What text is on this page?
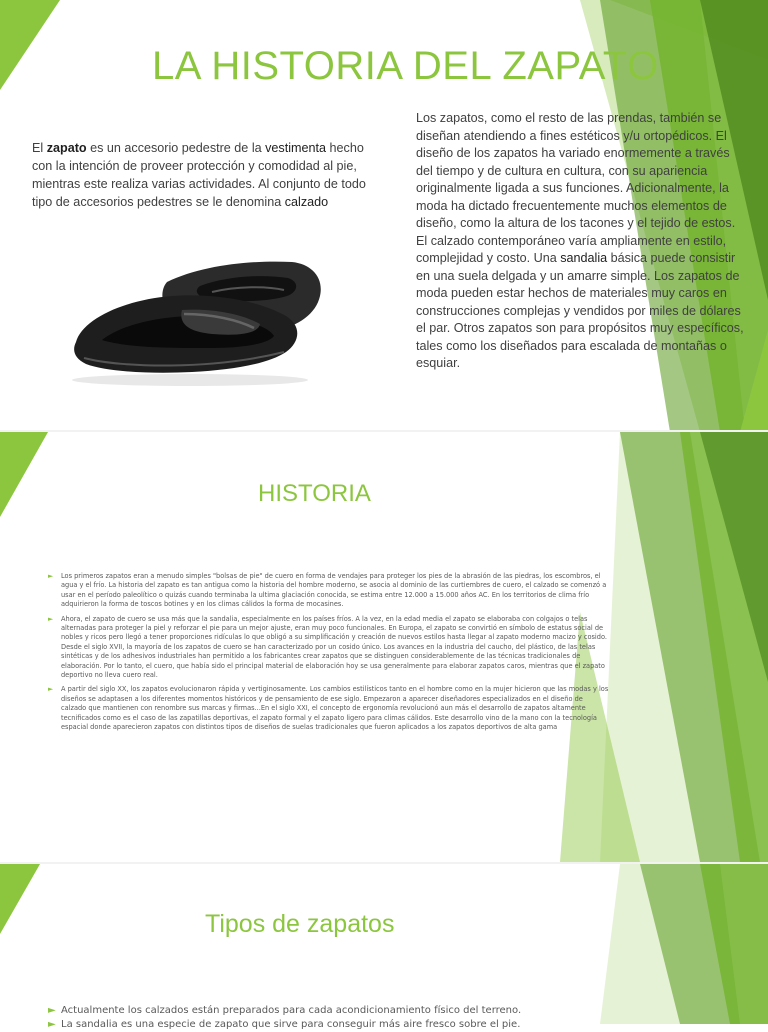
LA HISTORIA DEL ZAPATO
El zapato es un accesorio pedestre de la vestimenta hecho con la intención de proveer protección y comodidad al pie, mientras este realiza varias actividades. Al conjunto de todo tipo de accesorios pedestres se le denomina calzado
Los zapatos, como el resto de las prendas, también se diseñan atendiendo a fines estéticos y/u ortopédicos. El diseño de los zapatos ha variado enormemente a través del tiempo y de cultura en cultura, con su apariencia originalmente ligada a sus funciones. Adicionalmente, la moda ha dictado frecuentemente muchos elementos de diseño, como la altura de los tacones y el tejido de estos.
El calzado contemporáneo varía ampliamente en estilo, complejidad y costo. Una sandalia básica puede consistir en una suela delgada y un amarre simple. Los zapatos de moda pueden estar hechos de materiales muy caros en construcciones complejas y vendidos por miles de dólares el par. Otros zapatos son para propósitos muy específicos, tales como los diseñados para escalada de montañas o esquiar.
HISTORIA
► Los primeros zapatos eran a menudo simples "bolsas de pie" de cuero en forma de vendajes para proteger los pies de la abrasión de las piedras, los escombros, el agua y el frío. La historia del zapato es tan antigua como la historia del hombre moderno, se asocia al dominio de las curtiembres de cuero, el calzado se comenzó a usar en el período paleolítico o quizás cuando terminaba la ultima glaciación conocida, se estima entre 12.000 a 15.000 años AC. En los territorios de clima frío adquirieron la forma de toscos botines y en los climas cálidos la forma de mocasines.
► Ahora, el zapato de cuero se usa más que la sandalia, especialmente en los países fríos. A la vez, en la edad media el zapato se elaboraba con colgajos o telas alternadas para proteger la piel y reforzar el pie para un mejor ajuste, eran muy poco funcionales. En Europa, el zapato se convirtió en símbolo de estatus social de nobles y ricos pero llegó a tener proporciones ridículas lo que obligó a su simplificación y creación de nuevos estilos hasta llegar al zapato moderno macizo y cosido. Desde el siglo XVII, la mayoría de los zapatos de cuero se han caracterizado por un cosido único. Los avances en la industria del caucho, del plástico, de las telas sintéticas y de los adhesivos industriales han permitido a los fabricantes crear zapatos que se distinguen considerablemente de las técnicas tradicionales de elaboración. Por lo tanto, el cuero, que había sido el principal material de elaboración hoy se usa generalmente para elaborar zapatos caros, mientras que el zapato deportivo no lleva cuero real.
► A partir del siglo XX, los zapatos evolucionaron rápida y vertiginosamente. Los cambios estilísticos tanto en el hombre como en la mujer hicieron que las modas y los diseños se adaptasen a los diferentes momentos históricos y de pensamiento de ese siglo. Empezaron a aparecer diseñadores especializados en el diseño de calzado que mantienen con renombre sus marcas y firmas...En el siglo XXI, el concepto de ergonomía revolucionó aun más el desarrollo de zapatos altamente tecnificados como es el caso de las zapatillas deportivas, el zapato formal y el zapato ligero para climas cálidos. Este desarrollo vino de la mano con la tecnología espacial donde aparecieron zapatos con distintos tipos de diseños de suelas tradicionales que fueron aplicados a los zapatos deportivos de alta gama
Tipos de zapatos
► Actualmente los calzados están preparados para cada acondicionamiento físico del terreno.
► La sandalia es una especie de zapato que sirve para conseguir más aire fresco sobre el pie.
